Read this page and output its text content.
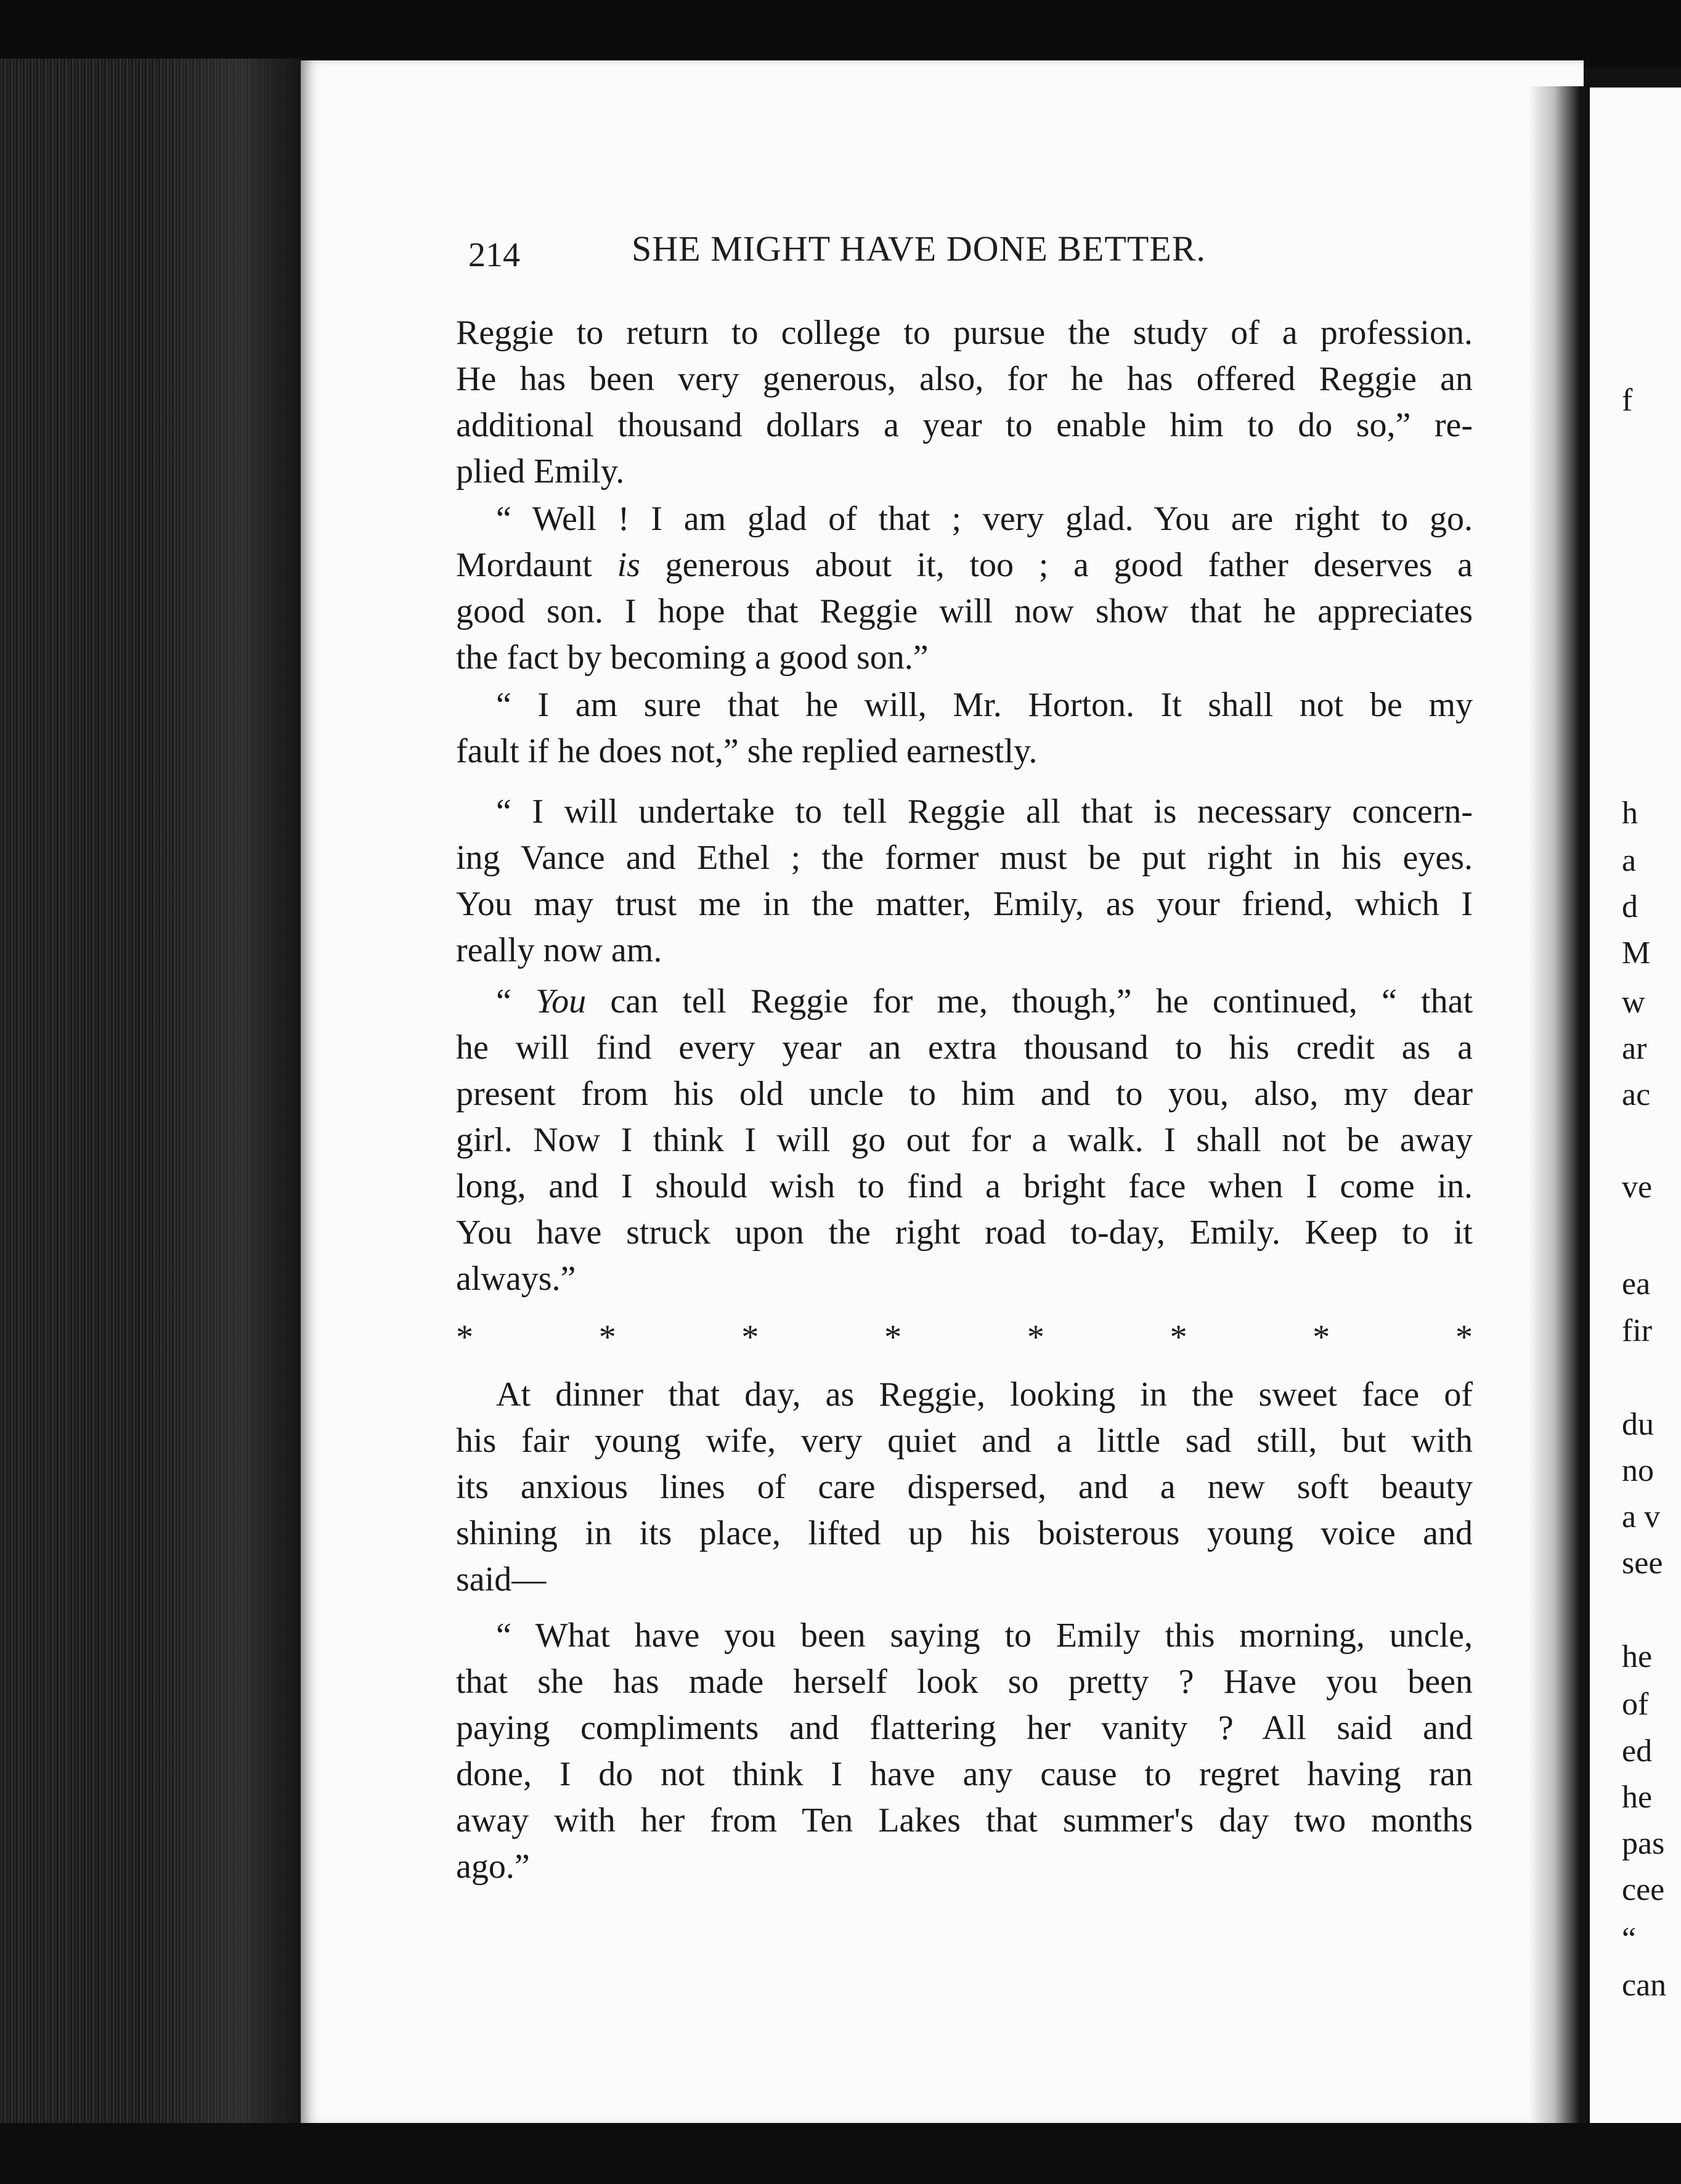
214	SHE MIGHT HAVE DONE BETTER.
Reggie to return to college to pursue the study of a profession.
He has been very generous, also, for he has offered Reggie an
additional thousand dollars a year to enable him to do so,” re-
plied Emily.
“ Well ! I am glad of that ; very glad. You are right to go.
Mordaunt is generous about it, too ; a good father deserves a
good son. I hope that Reggie will now show that he appreciates
the fact by becoming a good son.”
“ I am sure that he will, Mr. Horton. It shall not be my
fault if he does not,” she replied earnestly.
“ I will undertake to tell Reggie all that is necessary concern-
ing Vance and Ethel ; the former must be put right in his eyes.
You may trust me in the matter, Emily, as your friend, which I
really now am.
“ You can tell Reggie for me, though,” he continued, “ that
he will find every year an extra thousand to his credit as a
present from his old uncle to him and to you, also, my dear
girl. Now I think I will go out for a walk. I shall not be away
long, and I should wish to find a bright face when I come in.
You have struck upon the right road to-day, Emily. Keep to it
always.”
* * * * * * * *
At dinner that day, as Reggie, looking in the sweet face of
his fair young wife, very quiet and a little sad still, but with
its anxious lines of care dispersed, and a new soft beauty
shining in its place, lifted up his boisterous young voice and
said—
“ What have you been saying to Emily this morning, uncle,
that she has made herself look so pretty ? Have you been
paying compliments and flattering her vanity ? All said and
done, I do not think I have any cause to regret having ran
away with her from Ten Lakes that summer's day two months
ago.”
f
h
a
d
M
w
ar
ac
ve
ea
fir
du
no
a v
see
he
of
ed
he
pas
cee
“
can
